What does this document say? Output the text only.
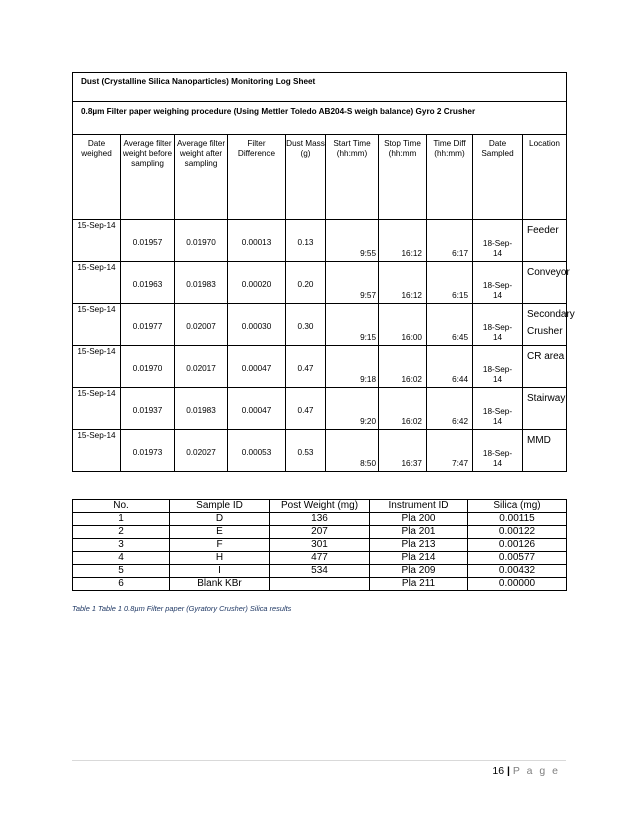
Dust (Crystalline Silica Nanoparticles) Monitoring Log Sheet									
0.8µm Filter paper weighing procedure (Using Mettler Toledo AB204-S weigh balance) Gyro 2 Crusher									
Date weighed	Average filter weight before sampling	Average filter weight after sampling	Filter Difference	Dust Mass (g)	Start Time (hh:mm)	Stop Time (hh:mm	Time Diff (hh:mm)	Date Sampled	Location

15-Sep-14	0.01957	0.01970	0.00013	0.13	9:55	16:12	6:17	18-Sep-14	Feeder

15-Sep-14	0.01963	0.01983	0.00020	0.20	9:57	16:12	6:15	18-Sep-14	Conveyor

15-Sep-14	0.01977	0.02007	0.00030	0.30	9:15	16:00	6:45	18-Sep-14	Secondary Crusher

15-Sep-14	0.01970	0.02017	0.00047	0.47	9:18	16:02	6:44	18-Sep-14	CR area

15-Sep-14	0.01937	0.01983	0.00047	0.47	9:20	16:02	6:42	18-Sep-14	Stairway

15-Sep-14	0.01973	0.02027	0.00053	0.53	8:50	16:37	7:47	18-Sep-14	MMD
No.	Sample ID	Post Weight (mg)	Instrument ID	Silica (mg)
1	D	136	Pla 200	0.00115
2	E	207	Pla 201	0.00122
3	F	301	Pla 213	0.00126
4	H	477	Pla 214	0.00577
5	I	534	Pla 209	0.00432
6	Blank KBr		Pla 211	0.00000
Table 1 Table 1 0.8µm Filter paper (Gyratory Crusher) Silica results
16 | P a g e
